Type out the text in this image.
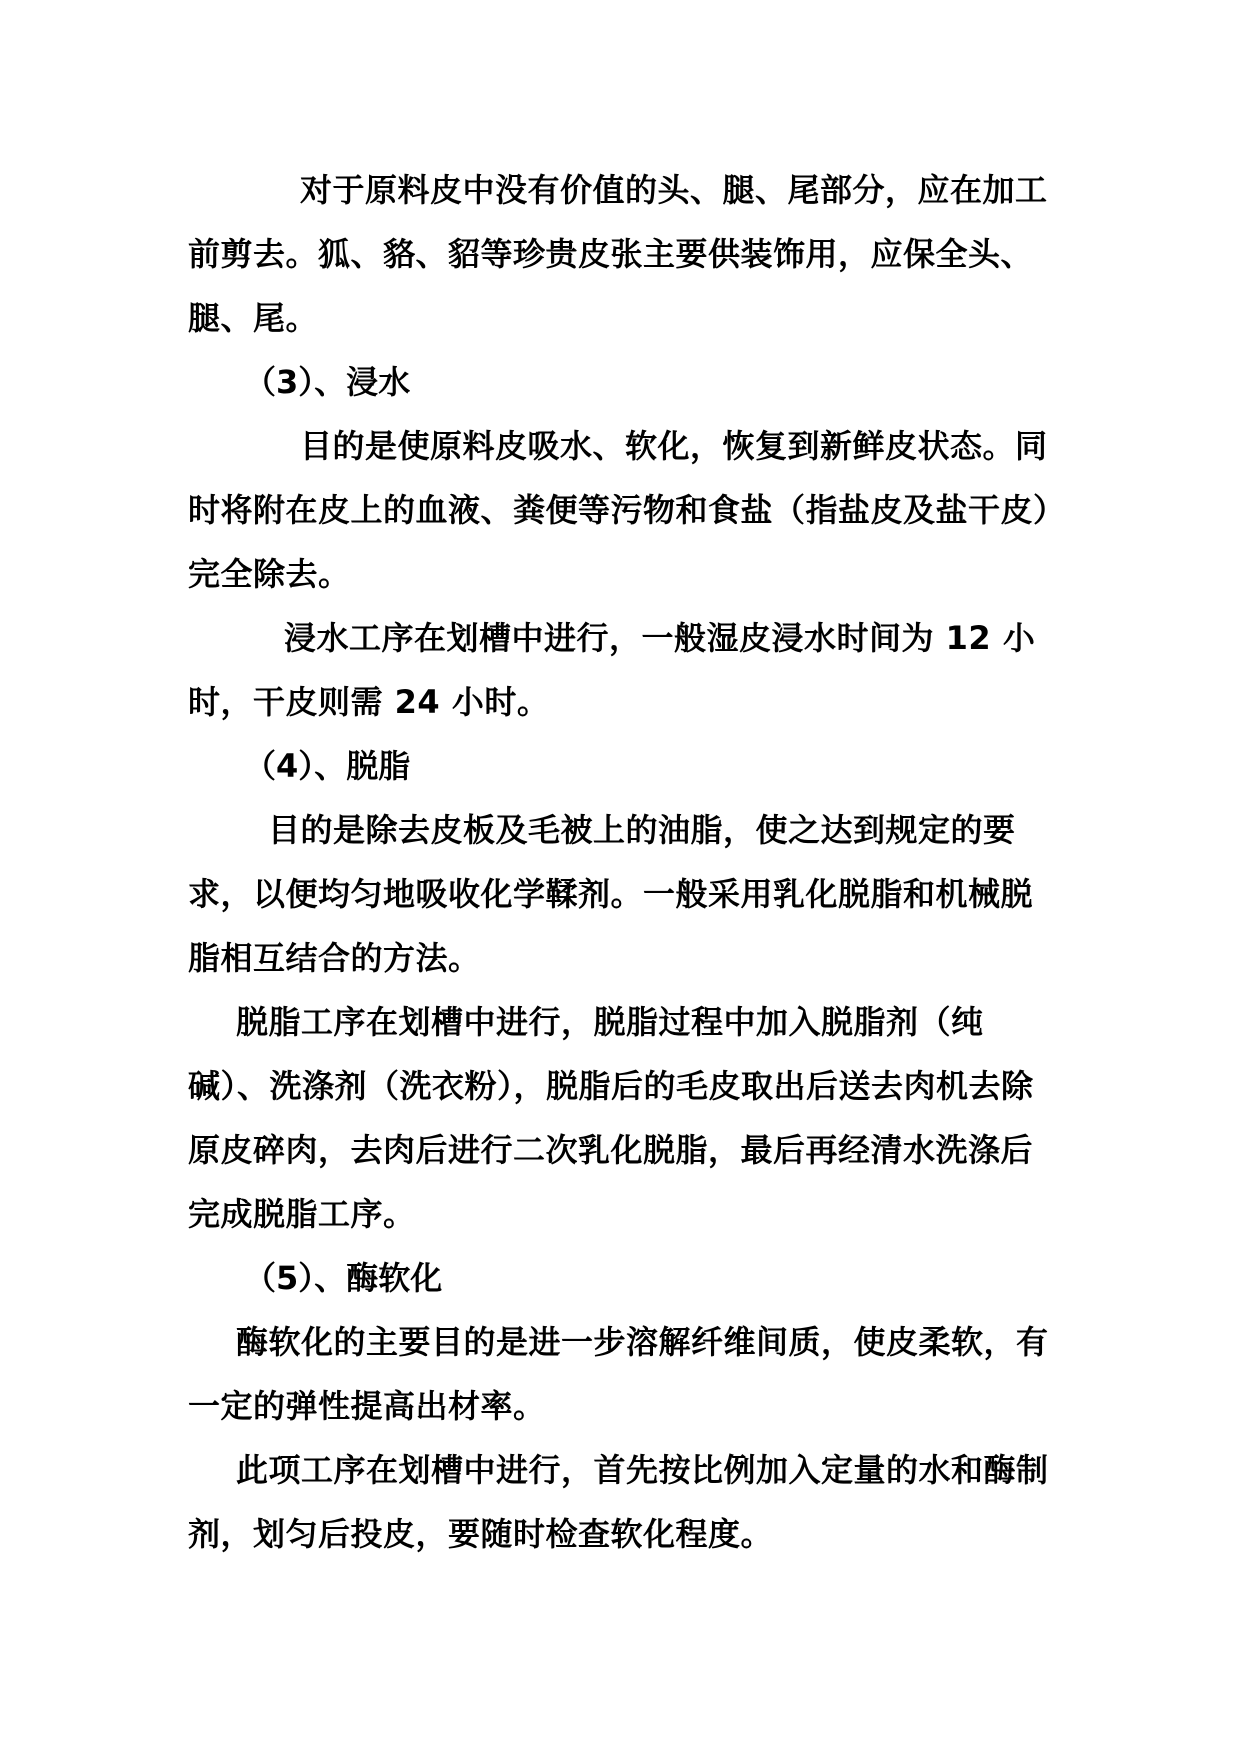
对于原料皮中没有价值的头、腿、尾部分，应在加工前剪去。狐、貉、貂等珍贵皮张主要供装饰用，应保全头、腿、尾。

（3）、浸水

目的是使原料皮吸水、软化，恢复到新鲜皮状态。同时将附在皮上的血液、粪便等污物和食盐（指盐皮及盐干皮）完全除去。

浸水工序在划槽中进行，一般湿皮浸水时间为 12 小时，干皮则需 24 小时。

（4）、脱脂

目的是除去皮板及毛被上的油脂，使之达到规定的要求，以便均匀地吸收化学鞣剂。一般采用乳化脱脂和机械脱脂相互结合的方法。

脱脂工序在划槽中进行，脱脂过程中加入脱脂剂（纯碱）、洗涤剂（洗衣粉），脱脂后的毛皮取出后送去肉机去除原皮碎肉，去肉后进行二次乳化脱脂，最后再经清水洗涤后完成脱脂工序。

（5）、酶软化

酶软化的主要目的是进一步溶解纤维间质，使皮柔软，有一定的弹性提高出材率。

此项工序在划槽中进行，首先按比例加入定量的水和酶制剂，划匀后投皮，要随时检查软化程度。
